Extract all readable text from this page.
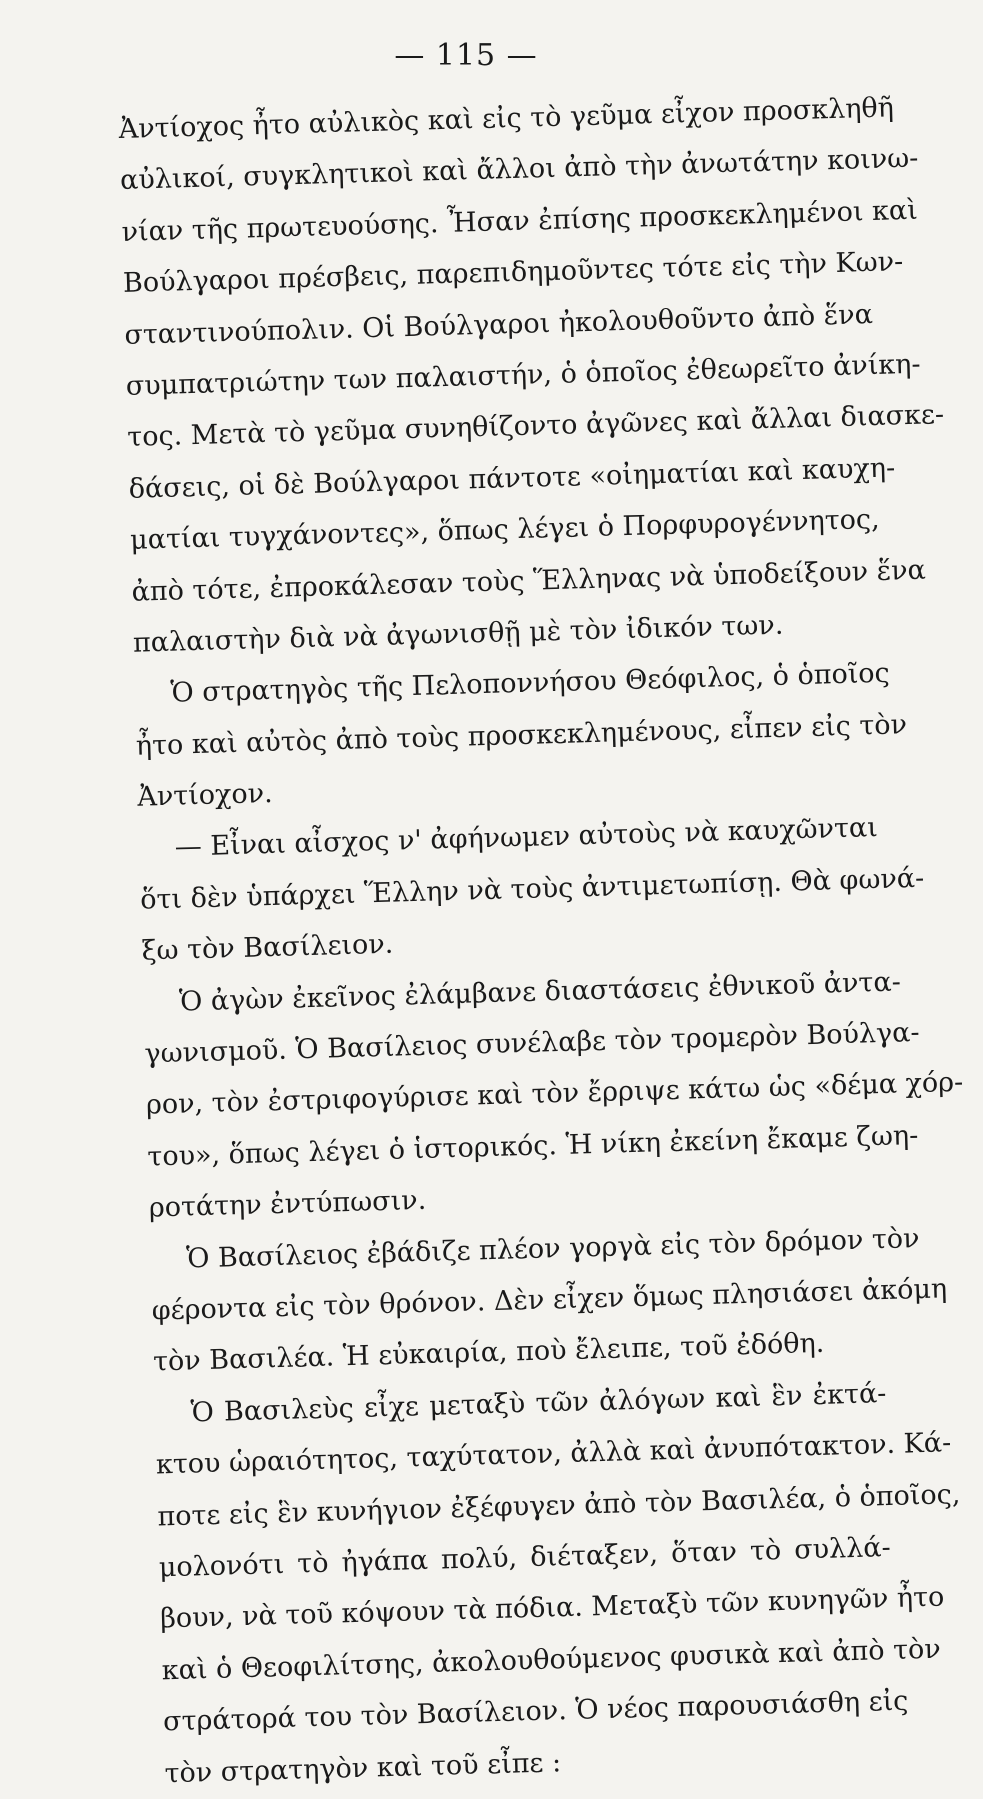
— 115 —
Ἀντίοχος ἦτο αὐλικὸς καὶ εἰς τὸ γεῦμα εἶχον προσκληθῆ
αὐλικοί, συγκλητικοὶ καὶ ἄλλοι ἀπὸ τὴν ἀνωτάτην κοινω-
νίαν τῆς πρωτευούσης. Ἦσαν ἐπίσης προσκεκλημένοι καὶ
Βούλγαροι πρέσβεις, παρεπιδημοῦντες τότε εἰς τὴν Κων-
σταντινούπολιν. Οἱ Βούλγαροι ἠκολουθοῦντο ἀπὸ ἕνα
συμπατριώτην των παλαιστήν, ὁ ὁποῖος ἐθεωρεῖτο ἀνίκη-
τος. Μετὰ τὸ γεῦμα συνηθίζοντο ἀγῶνες καὶ ἄλλαι διασκε-
δάσεις, οἱ δὲ Βούλγαροι πάντοτε «οἰηματίαι καὶ καυχη-
ματίαι τυγχάνοντες», ὅπως λέγει ὁ Πορφυρογέννητος,
ἀπὸ τότε, ἐπροκάλεσαν τοὺς Ἕλληνας νὰ ὑποδείξουν ἕνα
παλαιστὴν διὰ νὰ ἀγωνισθῇ μὲ τὸν ἰδικόν των.
Ὁ στρατηγὸς τῆς Πελοποννήσου Θεόφιλος, ὁ ὁποῖος
ἦτο καὶ αὐτὸς ἀπὸ τοὺς προσκεκλημένους, εἶπεν εἰς τὸν
Ἀντίοχον.
— Εἶναι αἶσχος ν' ἀφήνωμεν αὐτοὺς νὰ καυχῶνται
ὅτι δὲν ὑπάρχει Ἕλλην νὰ τοὺς ἀντιμετωπίσῃ. Θὰ φωνά-
ξω τὸν Βασίλειον.
Ὁ ἀγὼν ἐκεῖνος ἐλάμβανε διαστάσεις ἐθνικοῦ ἀντα-
γωνισμοῦ. Ὁ Βασίλειος συνέλαβε τὸν τρομερὸν Βούλγα-
ρον, τὸν ἐστριφογύρισε καὶ τὸν ἔρριψε κάτω ὡς «δέμα χόρ-
του», ὅπως λέγει ὁ ἱστορικός. Ἡ νίκη ἐκείνη ἔκαμε ζωη-
ροτάτην ἐντύπωσιν.
Ὁ Βασίλειος ἐβάδιζε πλέον γοργὰ εἰς τὸν δρόμον τὸν
φέροντα εἰς τὸν θρόνον. Δὲν εἶχεν ὅμως πλησιάσει ἀκόμη
τὸν Βασιλέα. Ἡ εὐκαιρία, ποὺ ἔλειπε, τοῦ ἐδόθη.
Ὁ Βασιλεὺς εἶχε μεταξὺ τῶν ἀλόγων καὶ ἓν ἐκτά-
κτου ὡραιότητος, ταχύτατον, ἀλλὰ καὶ ἀνυπότακτον. Κά-
ποτε εἰς ἓν κυνήγιον ἐξέφυγεν ἀπὸ τὸν Βασιλέα, ὁ ὁποῖος,
μολονότι τὸ ἠγάπα πολύ, διέταξεν, ὅταν τὸ συλλά-
βουν, νὰ τοῦ κόψουν τὰ πόδια. Μεταξὺ τῶν κυνηγῶν ἦτο
καὶ ὁ Θεοφιλίτσης, ἀκολουθούμενος φυσικὰ καὶ ἀπὸ τὸν
στράτορά του τὸν Βασίλειον. Ὁ νέος παρουσιάσθη εἰς
τὸν στρατηγὸν καὶ τοῦ εἶπε :
